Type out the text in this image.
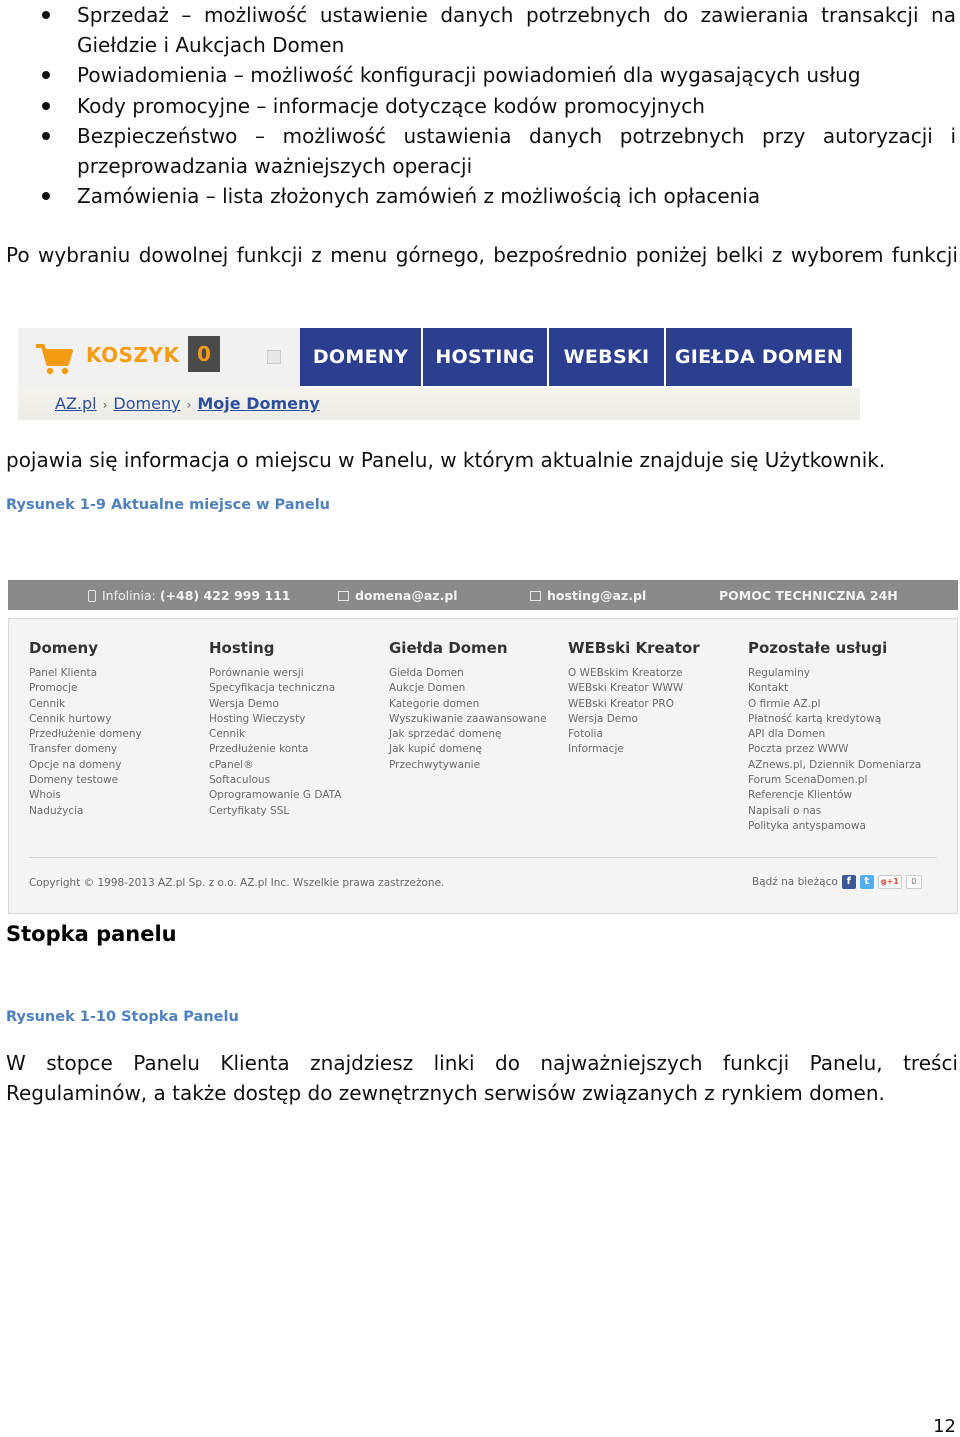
Sprzedaż – możliwość ustawienie danych potrzebnych do zawierania transakcji na Giełdzie i Aukcjach Domen
Powiadomienia – możliwość konfiguracji powiadomień dla wygasających usług
Kody promocyjne – informacje dotyczące kodów promocyjnych
Bezpieczeństwo – możliwość ustawienia danych potrzebnych przy autoryzacji i przeprowadzania ważniejszych operacji
Zamówienia – lista złożonych zamówień z możliwością ich opłacenia

Po wybraniu dowolnej funkcji z menu górnego, bezpośrednio poniżej belki z wyborem funkcji

KOSZYK 0	DOMENY	HOSTING	WEBSKI	GIEŁDA DOMEN
AZ.pl › Domeny › Moje Domeny

pojawia się informacja o miejscu w Panelu, w którym aktualnie znajduje się Użytkownik.

Rysunek 1-9 Aktualne miejsce w Panelu
Infolinia: (+48) 422 999 111	domena@az.pl	hosting@az.pl	POMOC TECHNICZNA 24H
Domeny
Panel Klienta
Promocje
Cennik
Cennik hurtowy
Przedłużenie domeny
Transfer domeny
Opcje na domeny
Domeny testowe
Whois
Nadużycia
Hosting
Porównanie wersji
Specyfikacja techniczna
Wersja Demo
Hosting Wieczysty
Cennik
Przedłużenie konta
cPanel®
Softaculous
Oprogramowanie G DATA
Certyfikaty SSL
Giełda Domen
Giełda Domen
Aukcje Domen
Kategorie domen
Wyszukiwanie zaawansowane
Jak sprzedać domenę
Jak kupić domenę
Przechwytywanie
WEBski Kreator
O WEBskim Kreatorze
WEBski Kreator WWW
WEBski Kreator PRO
Wersja Demo
Fotolia
Informacje
Pozostałe usługi
Regulaminy
Kontakt
O firmie AZ.pl
Płatność kartą kredytową
API dla Domen
Poczta przez WWW
AZnews.pl, Dziennik Domeniarza
Forum ScenaDomen.pl
Referencje Klientów
Napisali o nas
Polityka antyspamowa
Copyright © 1998-2013 AZ.pl Sp. z o.o. AZ.pl Inc. Wszelkie prawa zastrzeżone.	Bądź na bieżąco f	t	g+1	0
Stopka panelu
Rysunek 1-10 Stopka Panelu

W stopce Panelu Klienta znajdziesz linki do najważniejszych funkcji Panelu, treści Regulaminów, a także dostęp do zewnętrznych serwisów związanych z rynkiem domen.

12
